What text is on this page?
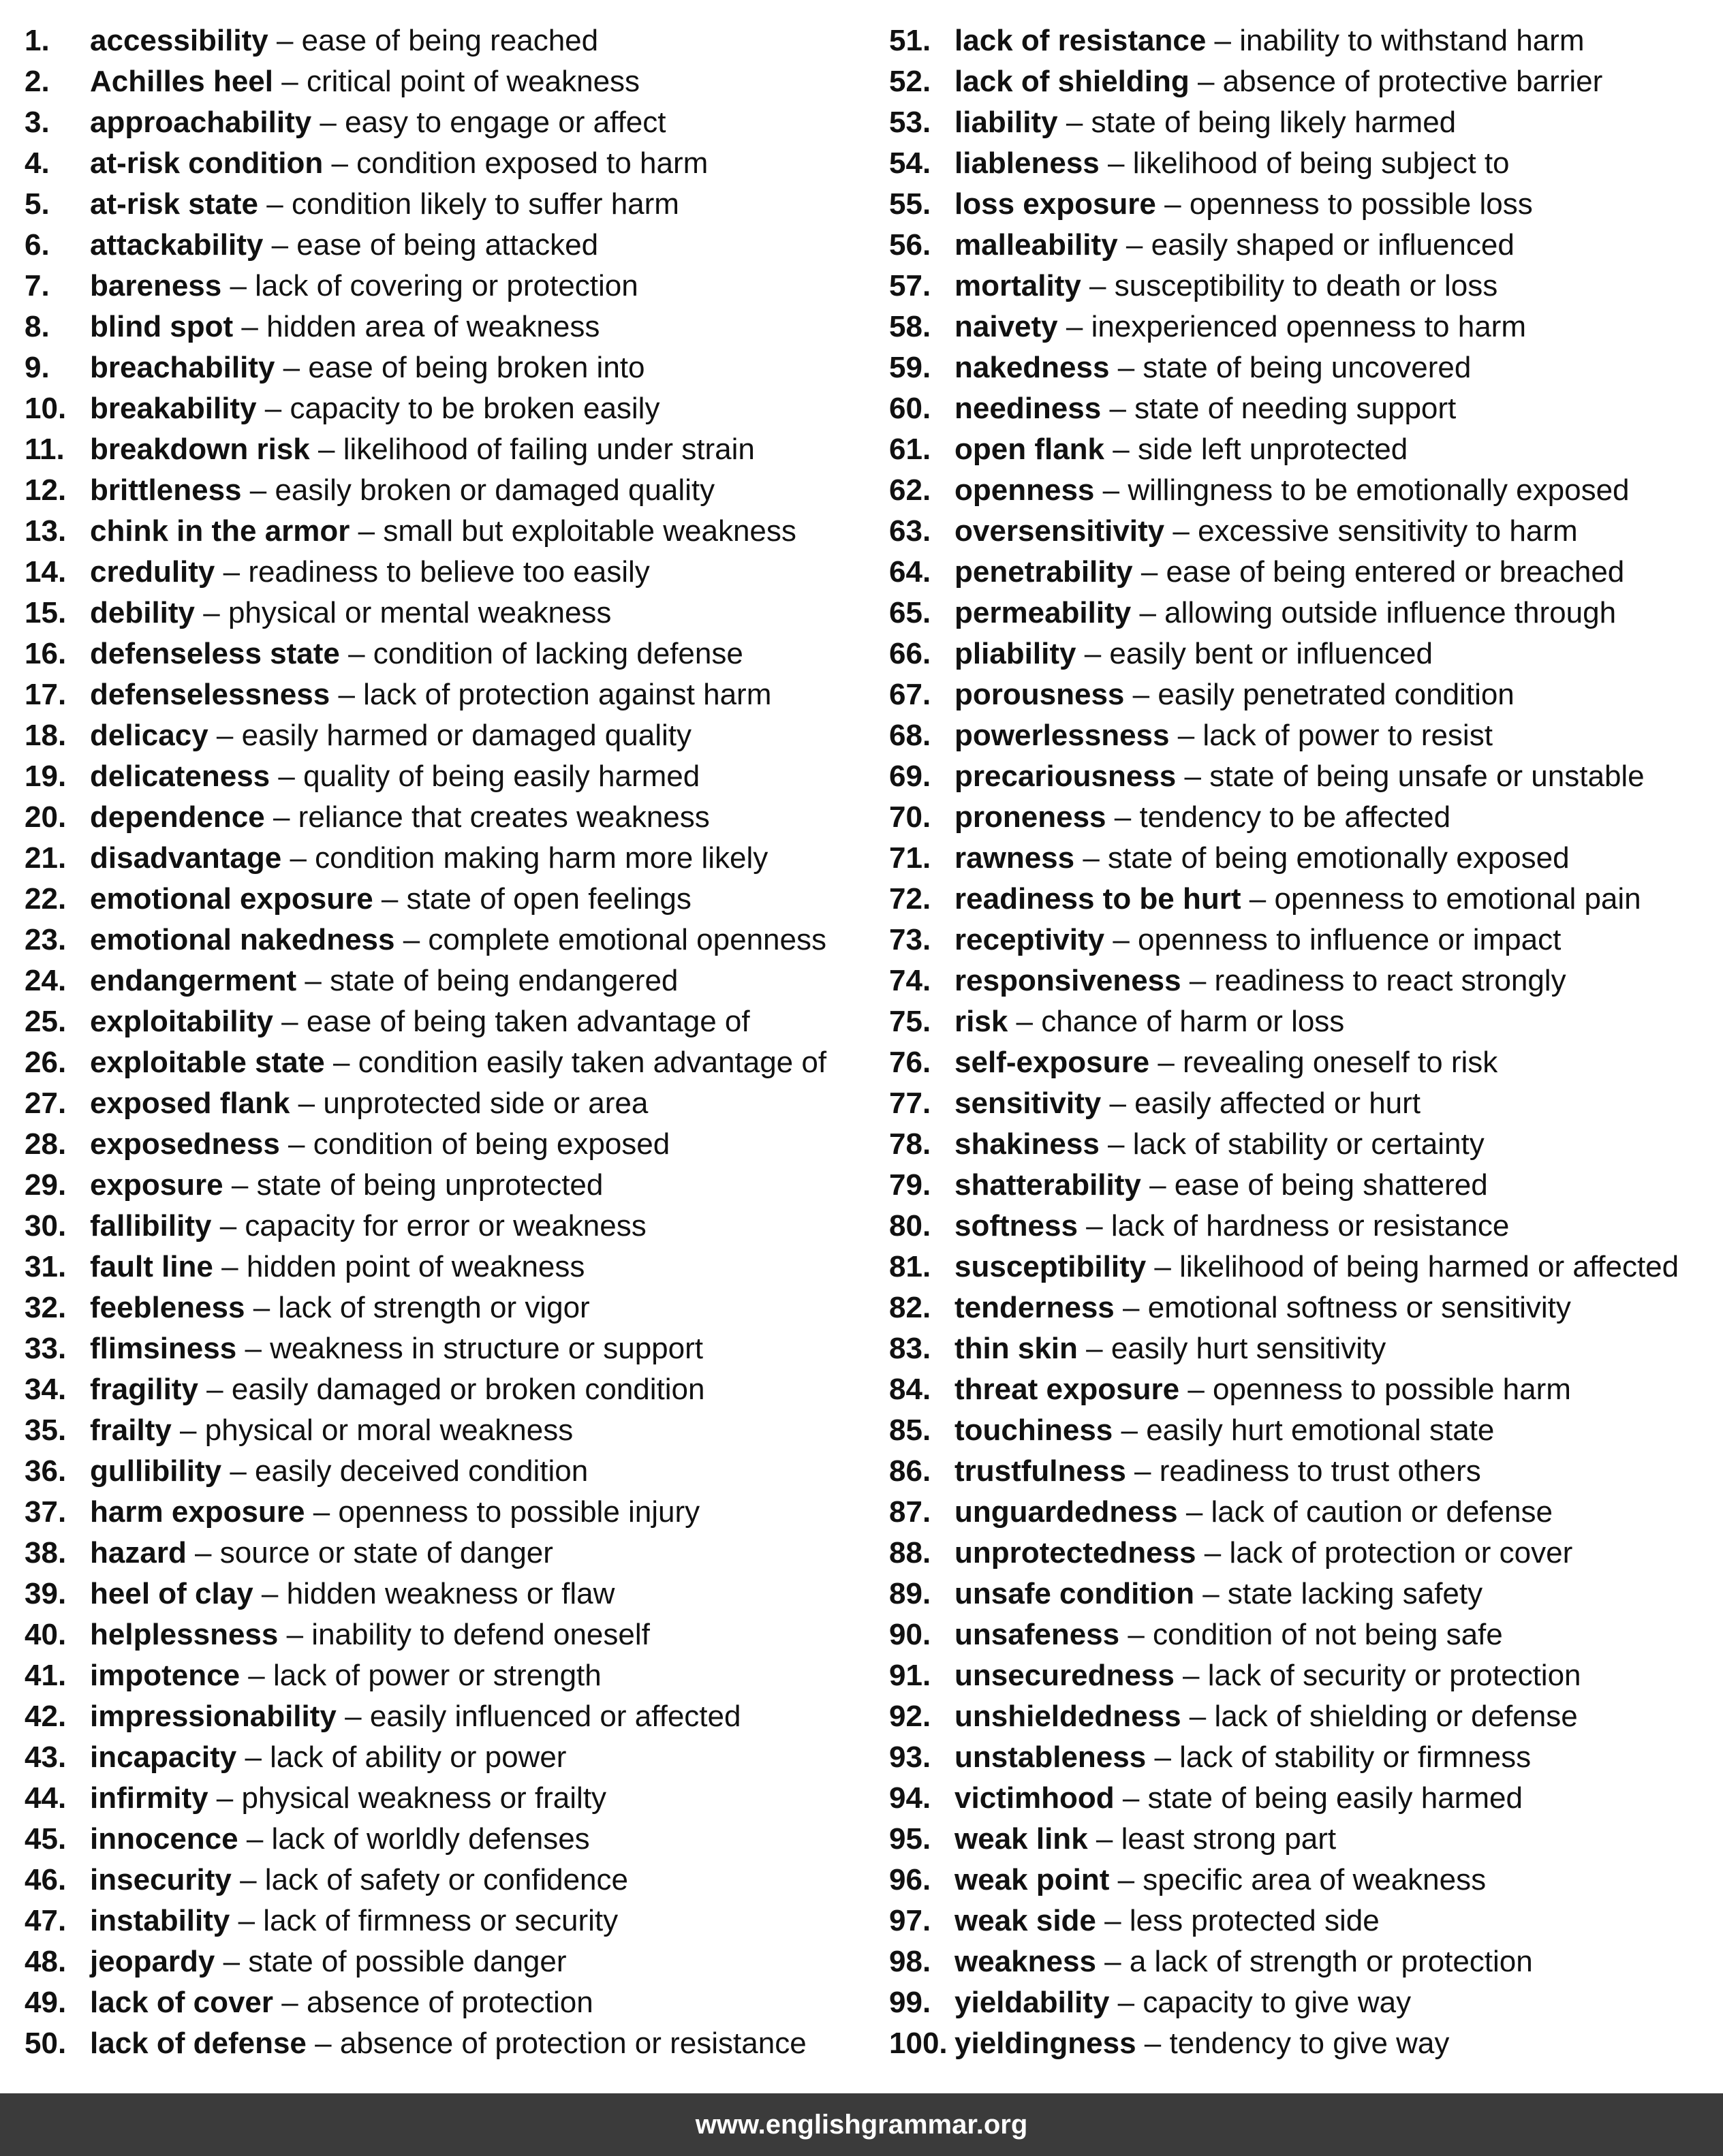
1.	accessibility – ease of being reached
2.	Achilles heel – critical point of weakness
3.	approachability – easy to engage or affect
4.	at-risk condition – condition exposed to harm
5.	at-risk state – condition likely to suffer harm
6.	attackability – ease of being attacked
7.	bareness – lack of covering or protection
8.	blind spot – hidden area of weakness
9.	breachability – ease of being broken into
10. breakability – capacity to be broken easily
11. breakdown risk – likelihood of failing under strain
12. brittleness – easily broken or damaged quality
13. chink in the armor – small but exploitable weakness
14. credulity – readiness to believe too easily
15. debility – physical or mental weakness
16. defenseless state – condition of lacking defense
17. defenselessness – lack of protection against harm
18. delicacy – easily harmed or damaged quality
19. delicateness – quality of being easily harmed
20. dependence – reliance that creates weakness
21. disadvantage – condition making harm more likely
22. emotional exposure – state of open feelings
23. emotional nakedness – complete emotional openness
24. endangerment – state of being endangered
25. exploitability – ease of being taken advantage of
26. exploitable state – condition easily taken advantage of
27. exposed flank – unprotected side or area
28. exposedness – condition of being exposed
29. exposure – state of being unprotected
30. fallibility – capacity for error or weakness
31. fault line – hidden point of weakness
32. feebleness – lack of strength or vigor
33. flimsiness – weakness in structure or support
34. fragility – easily damaged or broken condition
35. frailty – physical or moral weakness
36. gullibility – easily deceived condition
37. harm exposure – openness to possible injury
38. hazard – source or state of danger
39. heel of clay – hidden weakness or flaw
40. helplessness – inability to defend oneself
41. impotence – lack of power or strength
42. impressionability – easily influenced or affected
43. incapacity – lack of ability or power
44. infirmity – physical weakness or frailty
45. innocence – lack of worldly defenses
46. insecurity – lack of safety or confidence
47. instability – lack of firmness or security
48. jeopardy – state of possible danger
49. lack of cover – absence of protection
50. lack of defense – absence of protection or resistance
51. lack of resistance – inability to withstand harm
52. lack of shielding – absence of protective barrier
53. liability – state of being likely harmed
54. liableness – likelihood of being subject to
55. loss exposure – openness to possible loss
56. malleability – easily shaped or influenced
57. mortality – susceptibility to death or loss
58. naivety – inexperienced openness to harm
59. nakedness – state of being uncovered
60. neediness – state of needing support
61. open flank – side left unprotected
62. openness – willingness to be emotionally exposed
63. oversensitivity – excessive sensitivity to harm
64. penetrability – ease of being entered or breached
65. permeability – allowing outside influence through
66. pliability – easily bent or influenced
67. porousness – easily penetrated condition
68. powerlessness – lack of power to resist
69. precariousness – state of being unsafe or unstable
70. proneness – tendency to be affected
71. rawness – state of being emotionally exposed
72. readiness to be hurt – openness to emotional pain
73. receptivity – openness to influence or impact
74. responsiveness – readiness to react strongly
75. risk – chance of harm or loss
76. self-exposure – revealing oneself to risk
77. sensitivity – easily affected or hurt
78. shakiness – lack of stability or certainty
79. shatterability – ease of being shattered
80. softness – lack of hardness or resistance
81. susceptibility – likelihood of being harmed or affected
82. tenderness – emotional softness or sensitivity
83. thin skin – easily hurt sensitivity
84. threat exposure – openness to possible harm
85. touchiness – easily hurt emotional state
86. trustfulness – readiness to trust others
87. unguardedness – lack of caution or defense
88. unprotectedness – lack of protection or cover
89. unsafe condition – state lacking safety
90. unsafeness – condition of not being safe
91. unsecuredness – lack of security or protection
92. unshieldedness – lack of shielding or defense
93. unstableness – lack of stability or firmness
94. victimhood – state of being easily harmed
95. weak link – least strong part
96. weak point – specific area of weakness
97. weak side – less protected side
98. weakness – a lack of strength or protection
99. yieldability – capacity to give way
100. yieldingness – tendency to give way
www.englishgrammar.org
